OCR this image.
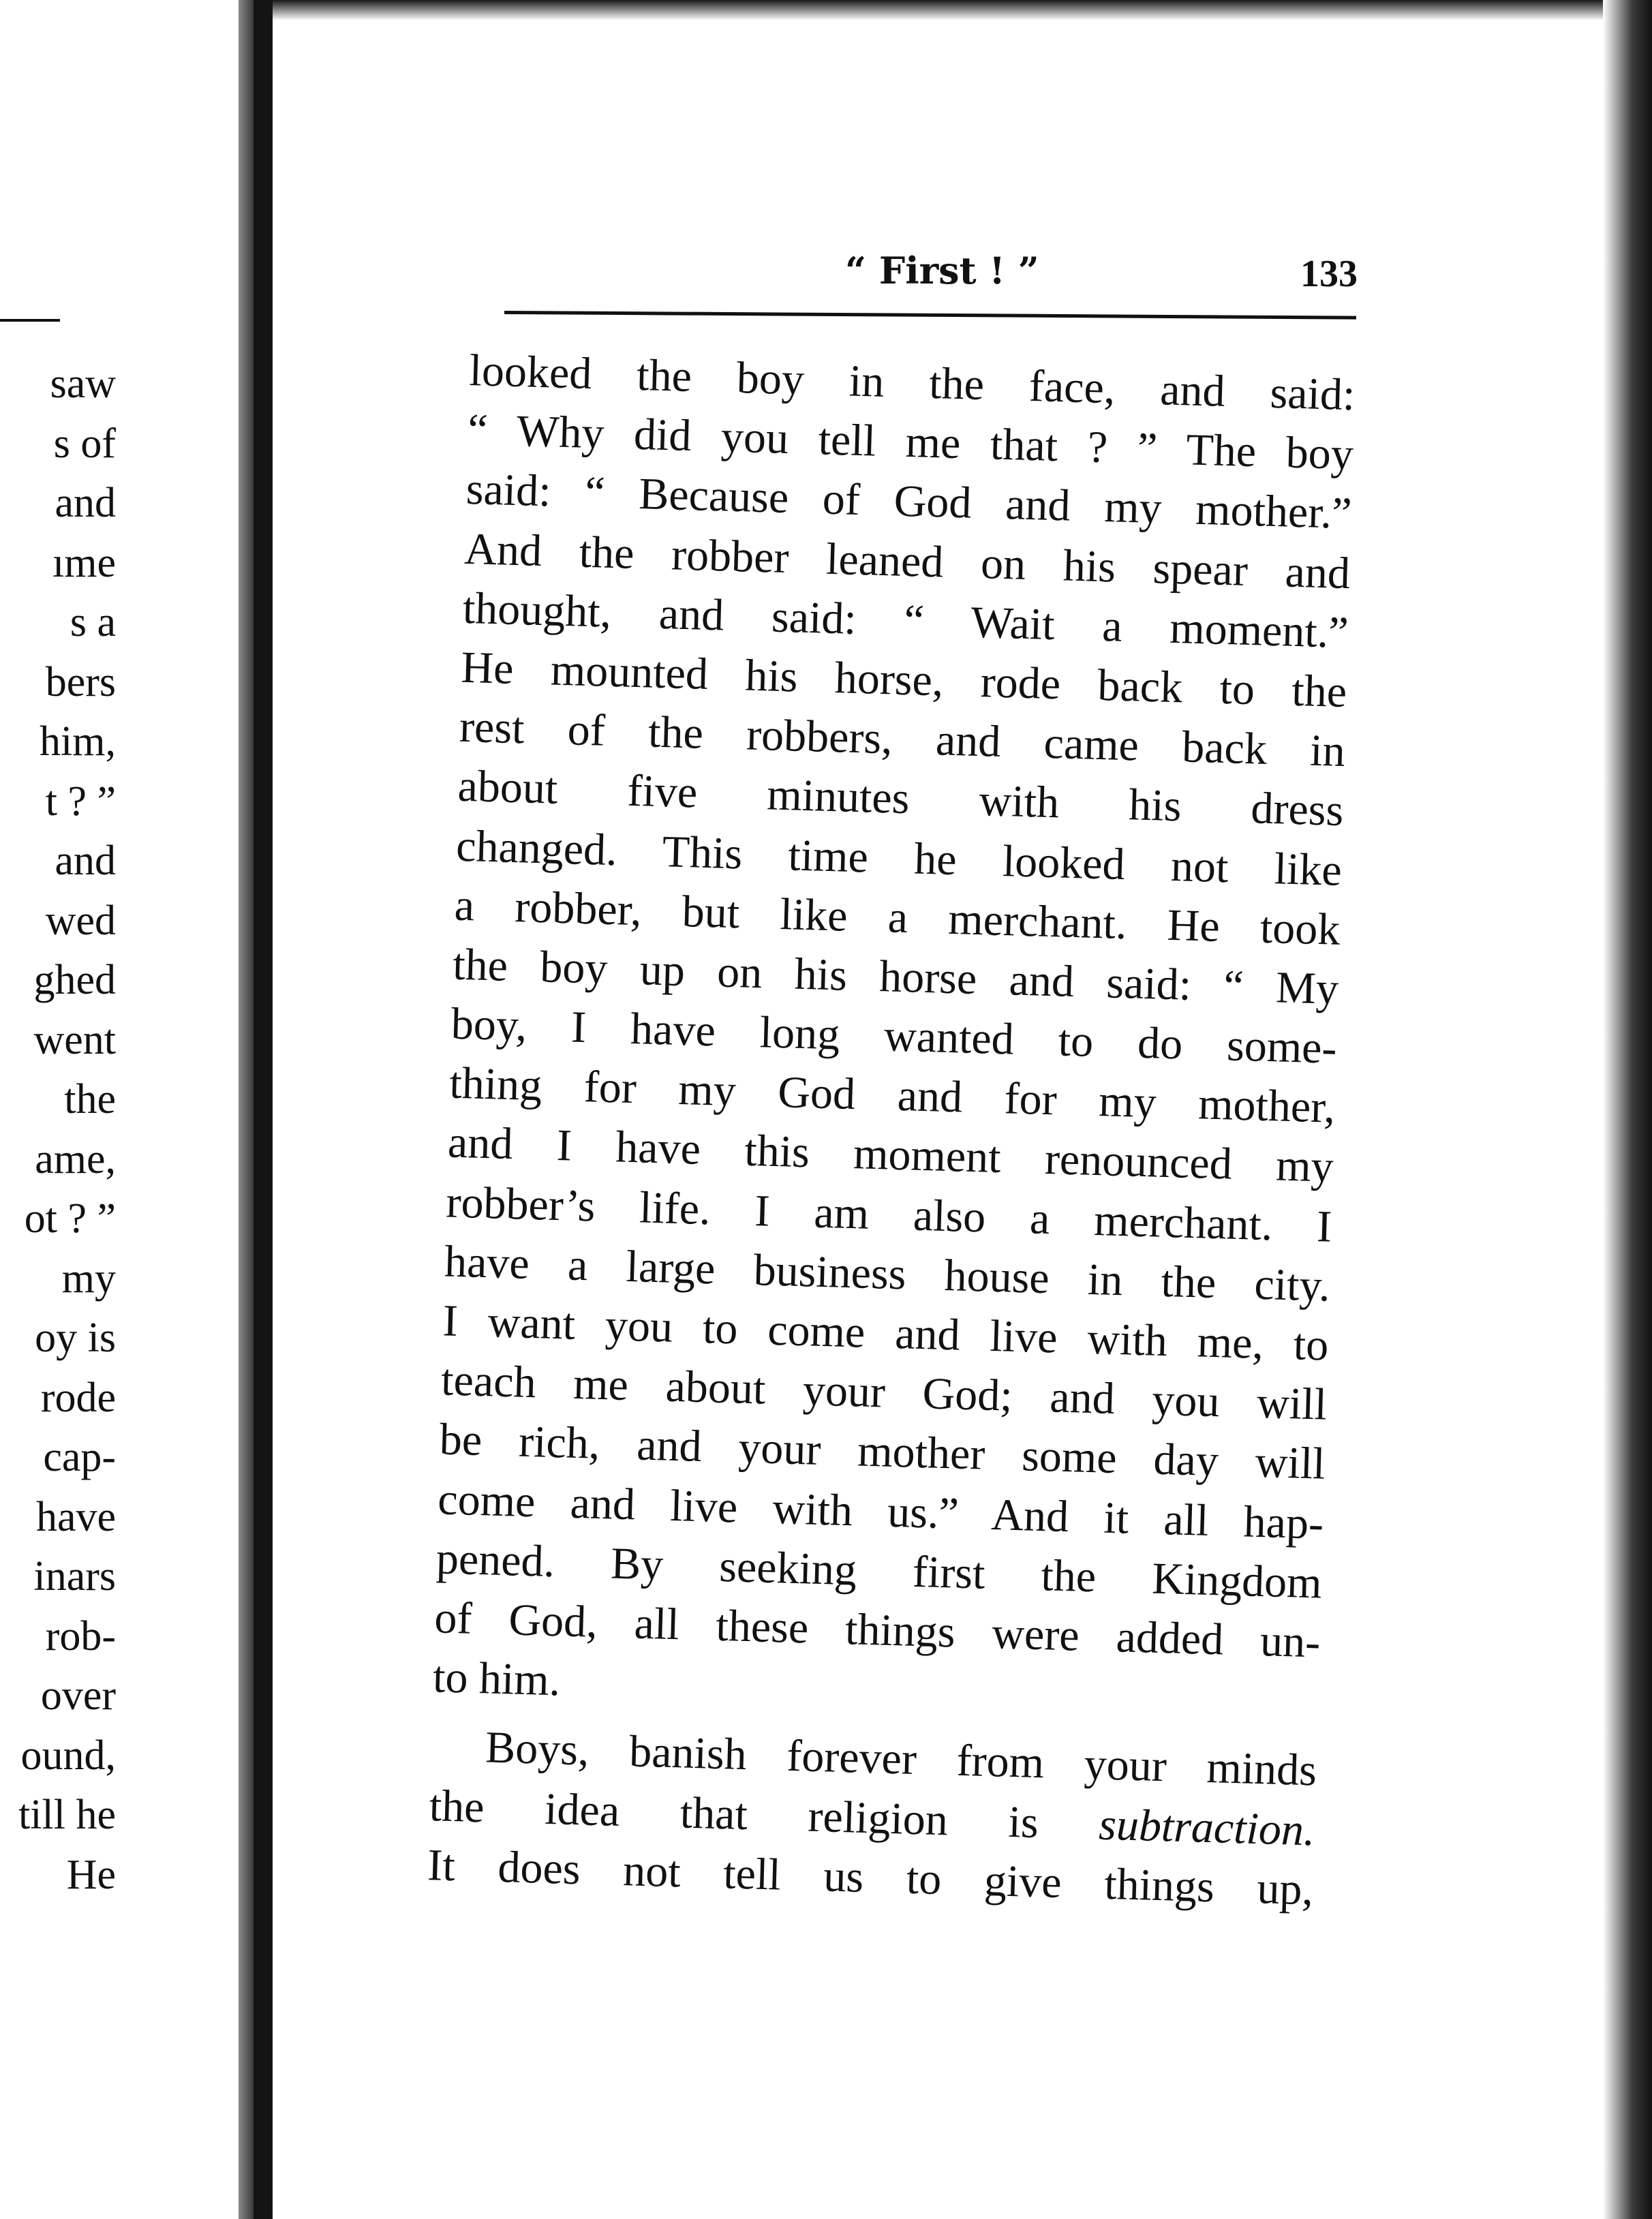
saw
s of
and
ıme
s a
bers
him,
t ? ”
and
wed
ghed
went
the
ame,
ot ? ”
my
oy is
rode
cap-
have
inars
rob-
over
ound,
till he
He
“ First ! ”	133
looked the boy in the face, and said:
“ Why did you tell me that ? ” The boy
said: “ Because of God and my mother.”
And the robber leaned on his spear and
thought, and said: “ Wait a moment.”
He mounted his horse, rode back to the
rest of the robbers, and came back in
about five minutes with his dress
changed. This time he looked not like
a robber, but like a merchant. He took
the boy up on his horse and said: “ My
boy, I have long wanted to do some-
thing for my God and for my mother,
and I have this moment renounced my
robber’s life. I am also a merchant. I
have a large business house in the city.
I want you to come and live with me, to
teach me about your God; and you will
be rich, and your mother some day will
come and live with us.” And it all hap-
pened. By seeking first the Kingdom
of God, all these things were added un-
to him.
Boys, banish forever from your minds
the idea that religion is subtraction.
It does not tell us to give things up,
